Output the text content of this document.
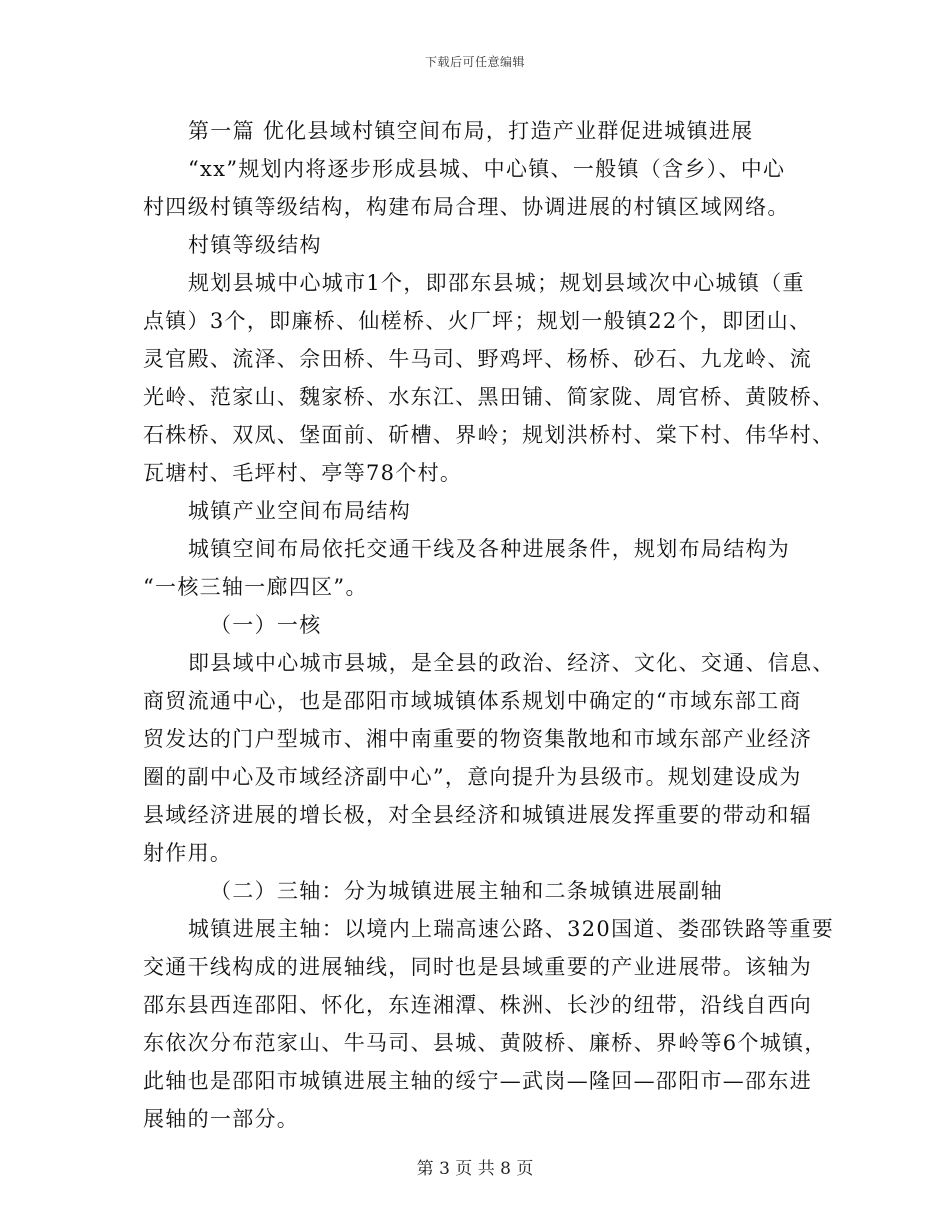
下载后可任意编辑
第一篇 优化县域村镇空间布局，打造产业群促进城镇进展
“xx”规划内将逐步形成县城、中心镇、一般镇（含乡）、中心
村四级村镇等级结构，构建布局合理、协调进展的村镇区域网络。
村镇等级结构
规划县城中心城市1个，即邵东县城；规划县域次中心城镇（重
点镇）3个，即廉桥、仙槎桥、火厂坪；规划一般镇22个，即团山、
灵官殿、流泽、佘田桥、牛马司、野鸡坪、杨桥、砂石、九龙岭、流
光岭、范家山、魏家桥、水东江、黑田铺、简家陇、周官桥、黄陂桥、
石株桥、双凤、堡面前、斫槽、界岭；规划洪桥村、棠下村、伟华村、
瓦塘村、毛坪村、亭等78个村。
城镇产业空间布局结构
城镇空间布局依托交通干线及各种进展条件，规划布局结构为
“一核三轴一廊四区”。
（一）一核
即县域中心城市县城，是全县的政治、经济、文化、交通、信息、
商贸流通中心，也是邵阳市域城镇体系规划中确定的“市域东部工商
贸发达的门户型城市、湘中南重要的物资集散地和市域东部产业经济
圈的副中心及市域经济副中心”，意向提升为县级市。规划建设成为
县域经济进展的增长极，对全县经济和城镇进展发挥重要的带动和辐
射作用。
（二）三轴：分为城镇进展主轴和二条城镇进展副轴
城镇进展主轴：以境内上瑞高速公路、320国道、娄邵铁路等重要
交通干线构成的进展轴线，同时也是县域重要的产业进展带。该轴为
邵东县西连邵阳、怀化，东连湘潭、株洲、长沙的纽带，沿线自西向
东依次分布范家山、牛马司、县城、黄陂桥、廉桥、界岭等6个城镇，
此轴也是邵阳市城镇进展主轴的绥宁—武岗—隆回—邵阳市—邵东进
展轴的一部分。
第 3 页 共 8 页
